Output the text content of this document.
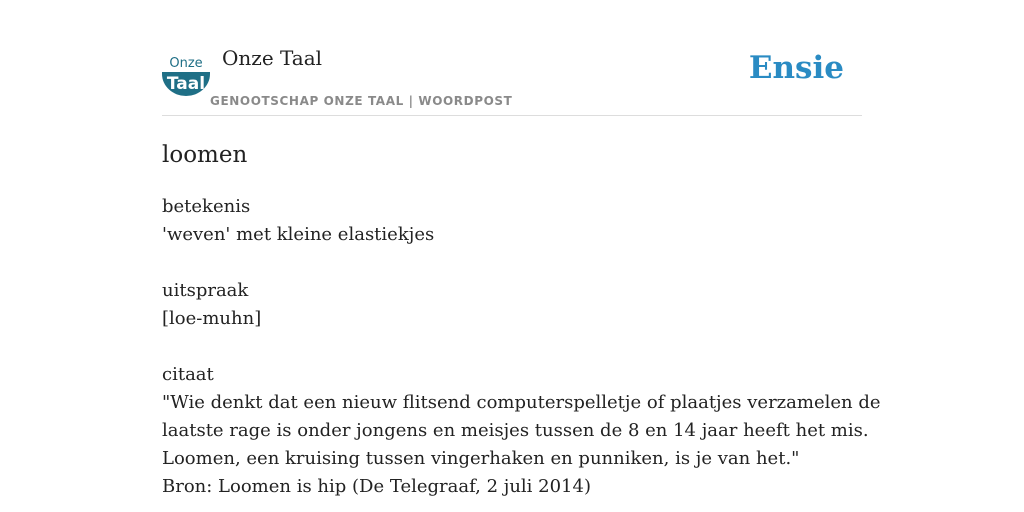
Onze
Taal
Onze Taal
GENOOTSCHAP ONZE TAAL | WOORDPOST
Ensie
loomen
betekenis
'weven' met kleine elastiekjes
uitspraak
[loe-muhn]
citaat
"Wie denkt dat een nieuw flitsend computerspelletje of plaatjes verzamelen de
laatste rage is onder jongens en meisjes tussen de 8 en 14 jaar heeft het mis.
Loomen, een kruising tussen vingerhaken en punniken, is je van het."
Bron: Loomen is hip (De Telegraaf, 2 juli 2014)
